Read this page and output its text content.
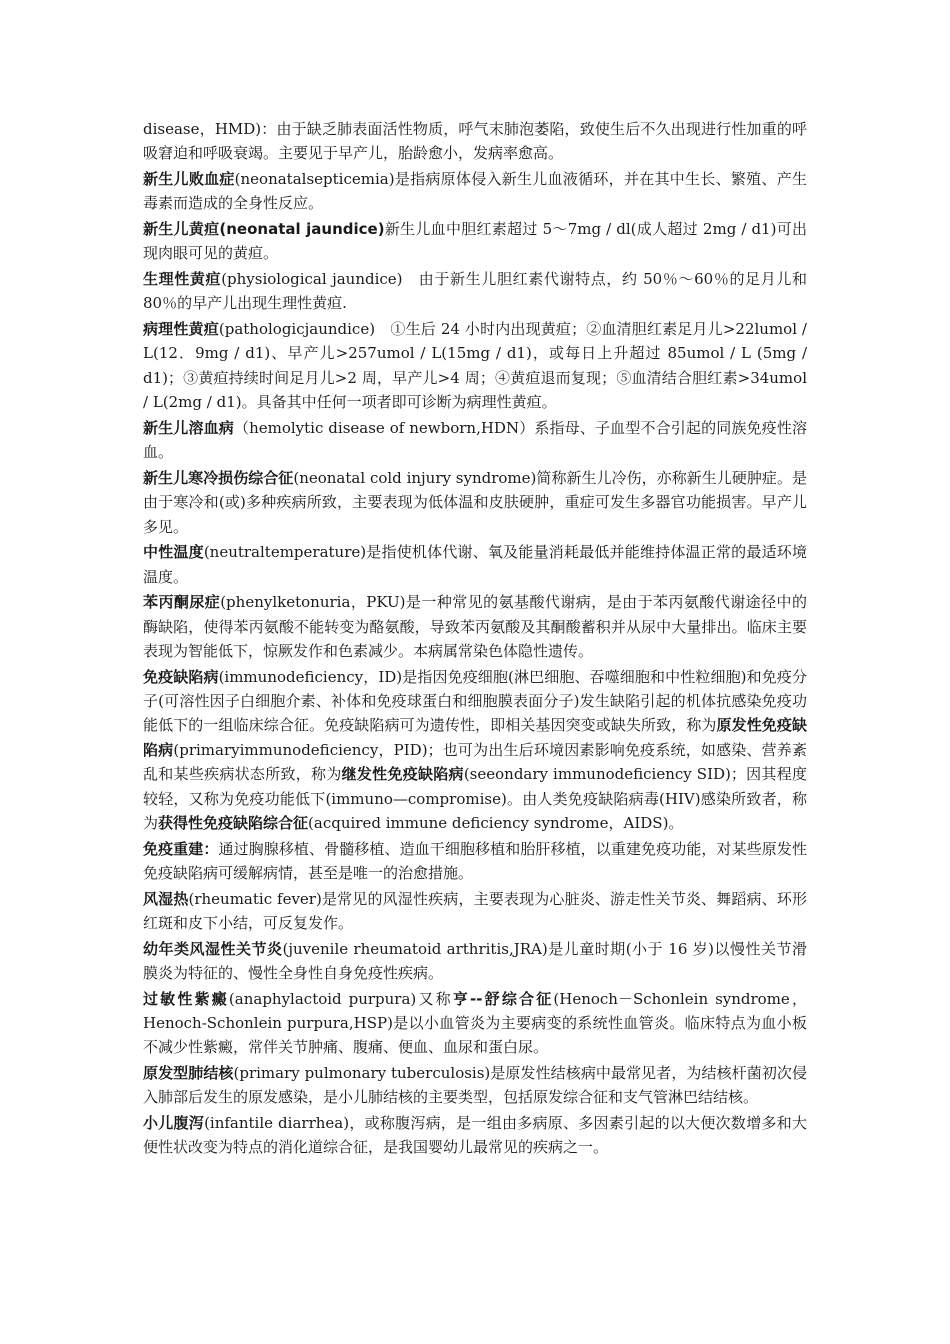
disease，HMD)：由于缺乏肺表面活性物质，呼气末肺泡萎陷，致使生后不久出现进行性加重的呼吸窘迫和呼吸衰竭。主要见于早产儿，胎龄愈小，发病率愈高。

新生儿败血症(neonatalsepticemia)是指病原体侵入新生儿血液循环，并在其中生长、繁殖、产生毒素而造成的全身性反应。

新生儿黄疸(neonatal jaundice)新生儿血中胆红素超过 5～7mg / dl(成人超过 2mg / d1)可出现肉眼可见的黄疸。

生理性黄疸(physiological jaundice)　由于新生儿胆红素代谢特点，约 50％～60％的足月儿和 80％的早产儿出现生理性黄疸.

病理性黄疸(pathologicjaundice)　①生后 24 小时内出现黄疸；②血清胆红素足月儿>22lumol / L(12．9mg / d1)、早产儿>257umol / L(15mg / d1)，或每日上升超过 85umol / L (5mg / d1)；③黄疸持续时间足月儿>2 周，早产儿>4 周；④黄疸退而复现；⑤血清结合胆红素>34umol / L(2mg / d1)。具备其中任何一项者即可诊断为病理性黄疸。

新生儿溶血病（hemolytic disease of newborn,HDN）系指母、子血型不合引起的同族免疫性溶血。

新生儿寒冷损伤综合征(neonatal cold injury syndrome)简称新生儿冷伤，亦称新生儿硬肿症。是由于寒冷和(或)多种疾病所致，主要表现为低体温和皮肤硬肿，重症可发生多器官功能损害。早产儿多见。

中性温度(neutraltemperature)是指使机体代谢、氧及能量消耗最低并能维持体温正常的最适环境温度。

苯丙酮尿症(phenylketonuria，PKU)是一种常见的氨基酸代谢病，是由于苯丙氨酸代谢途径中的酶缺陷，使得苯丙氨酸不能转变为酪氨酸，导致苯丙氨酸及其酮酸蓄积并从尿中大量排出。临床主要表现为智能低下，惊厥发作和色素减少。本病属常染色体隐性遗传。

免疫缺陷病(immunodeficiency，ID)是指因免疫细胞(淋巴细胞、吞噬细胞和中性粒细胞)和免疫分子(可溶性因子白细胞介素、补体和免疫球蛋白和细胞膜表面分子)发生缺陷引起的机体抗感染免疫功能低下的一组临床综合征。免疫缺陷病可为遗传性，即相关基因突变或缺失所致，称为原发性免疫缺陷病(primaryimmunodeficiency，PID)；也可为出生后环境因素影响免疫系统，如感染、营养紊乱和某些疾病状态所致，称为继发性免疫缺陷病(seeondary immunodeficiency SID)；因其程度较轻，又称为免疫功能低下(immuno—compromise)。由人类免疫缺陷病毒(HIV)感染所致者，称为获得性免疫缺陷综合征(acquired immune deficiency syndrome，AIDS)。

免疫重建：通过胸腺移植、骨髓移植、造血干细胞移植和胎肝移植，以重建免疫功能，对某些原发性免疫缺陷病可缓解病情，甚至是唯一的治愈措施。

风湿热(rheumatic fever)是常见的风湿性疾病，主要表现为心脏炎、游走性关节炎、舞蹈病、环形红斑和皮下小结，可反复发作。

幼年类风湿性关节炎(juvenile rheumatoid arthritis,JRA)是儿童时期(小于 16 岁)以慢性关节滑膜炎为特征的、慢性全身性自身免疫性疾病。

过敏性紫癜(anaphylactoid purpura)又称亨--舒综合征(Henoch－Schonlein syndrome，Henoch-Schonlein purpura,HSP)是以小血管炎为主要病变的系统性血管炎。临床特点为血小板不减少性紫癜，常伴关节肿痛、腹痛、便血、血尿和蛋白尿。

原发型肺结核(primary pulmonary tuberculosis)是原发性结核病中最常见者，为结核杆菌初次侵入肺部后发生的原发感染，是小儿肺结核的主要类型，包括原发综合征和支气管淋巴结结核。

小儿腹泻(infantile diarrhea)，或称腹泻病，是一组由多病原、多因素引起的以大便次数增多和大便性状改变为特点的消化道综合征，是我国婴幼儿最常见的疾病之一。
